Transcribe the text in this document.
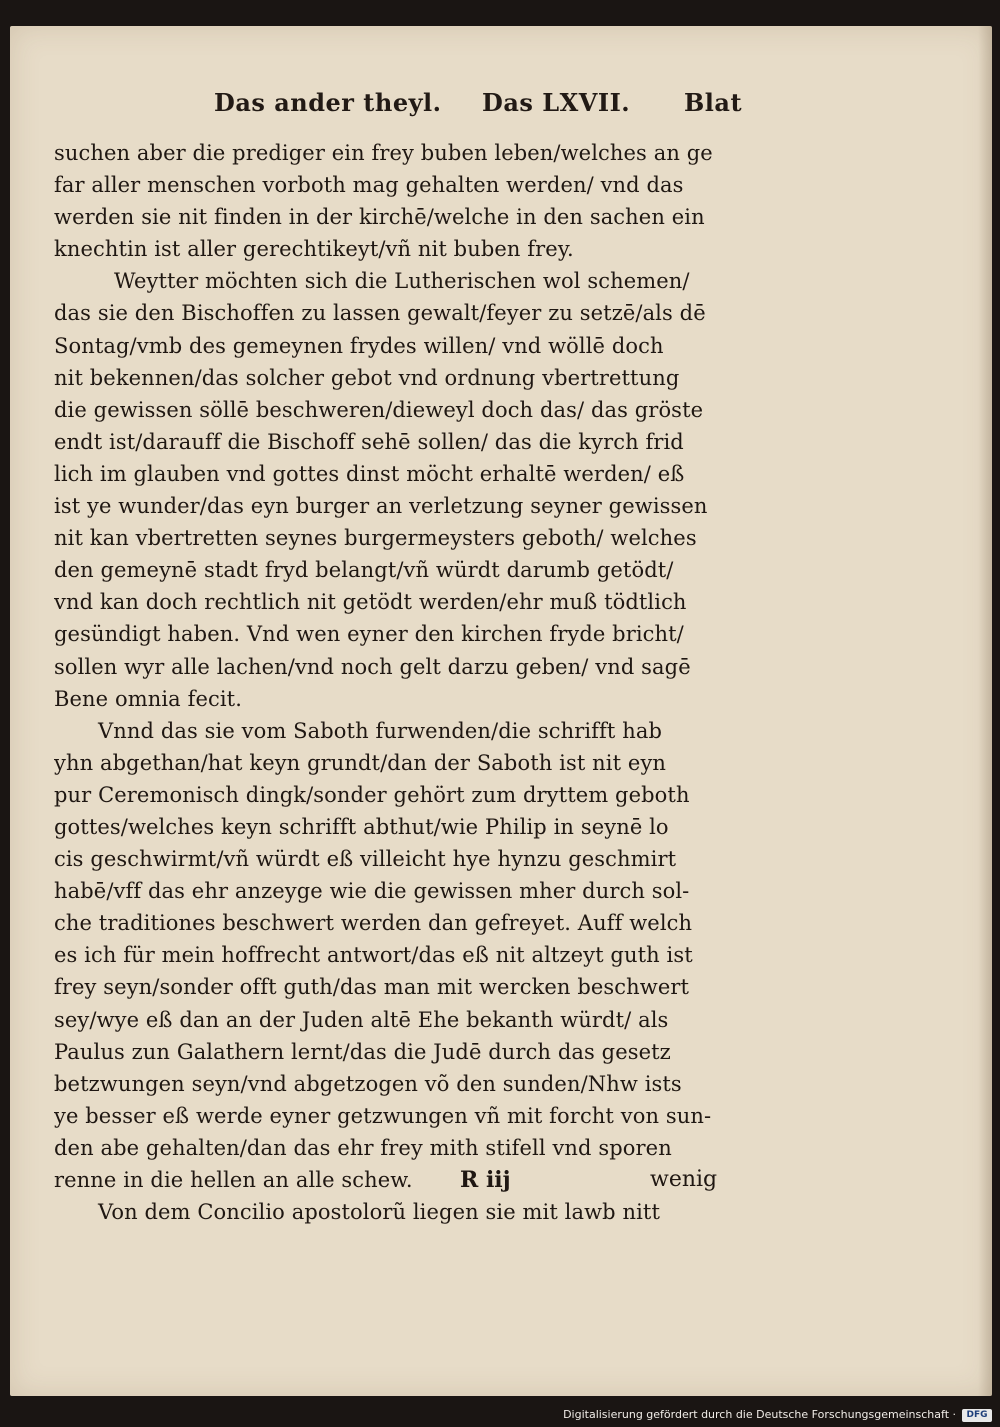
Das ander theyl. Das LXVII. Blat
suchen aber die prediger ein frey buben leben/welches an ge
far aller menschen vorboth mag gehalten werden/ vnd das
werden sie nit finden in der kirchē/welche in den sachen ein
knechtin ist aller gerechtikeyt/vñ nit buben frey.
Weytter möchten sich die Lutherischen wol schemen/
das sie den Bischoffen zu lassen gewalt/feyer zu setzē/als dē
Sontag/vmb des gemeynen frydes willen/ vnd wöllē doch
nit bekennen/das solcher gebot vnd ordnung vbertrettung
die gewissen söllē beschweren/dieweyl doch das/ das gröste
endt ist/darauff die Bischoff sehē sollen/ das die kyrch frid
lich im glauben vnd gottes dinst möcht erhaltē werden/ eß
ist ye wunder/das eyn burger an verletzung seyner gewissen
nit kan vbertretten seynes burgermeysters geboth/ welches
den gemeynē stadt fryd belangt/vñ würdt darumb getödt/
vnd kan doch rechtlich nit getödt werden/ehr muß tödtlich
gesündigt haben. Vnd wen eyner den kirchen fryde bricht/
sollen wyr alle lachen/vnd noch gelt darzu geben/ vnd sagē
Bene omnia fecit.
Vnnd das sie vom Saboth furwenden/die schrifft hab
yhn abgethan/hat keyn grundt/dan der Saboth ist nit eyn
pur Ceremonisch dingk/sonder gehört zum dryttem geboth
gottes/welches keyn schrifft abthut/wie Philip in seynē lo
cis geschwirmt/vñ würdt eß villeicht hye hynzu geschmirt
habē/vff das ehr anzeyge wie die gewissen mher durch sol-
che traditiones beschwert werden dan gefreyet. Auff welch
es ich für mein hoffrecht antwort/das eß nit altzeyt guth ist
frey seyn/sonder offt guth/das man mit wercken beschwert
sey/wye eß dan an der Juden altē Ehe bekanth würdt/ als
Paulus zun Galathern lernt/das die Judē durch das gesetz
betzwungen seyn/vnd abgetzogen võ den sunden/Nhw ists
ye besser eß werde eyner getzwungen vñ mit forcht von sun-
den abe gehalten/dan das ehr frey mith stifell vnd sporen
renne in die hellen an alle schew.
Von dem Concilio apostolorũ liegen sie mit lawb nitt
R iij	wenig
Digitalisierung gefördert durch die Deutsche Forschungsgemeinschaft ·	DFG
